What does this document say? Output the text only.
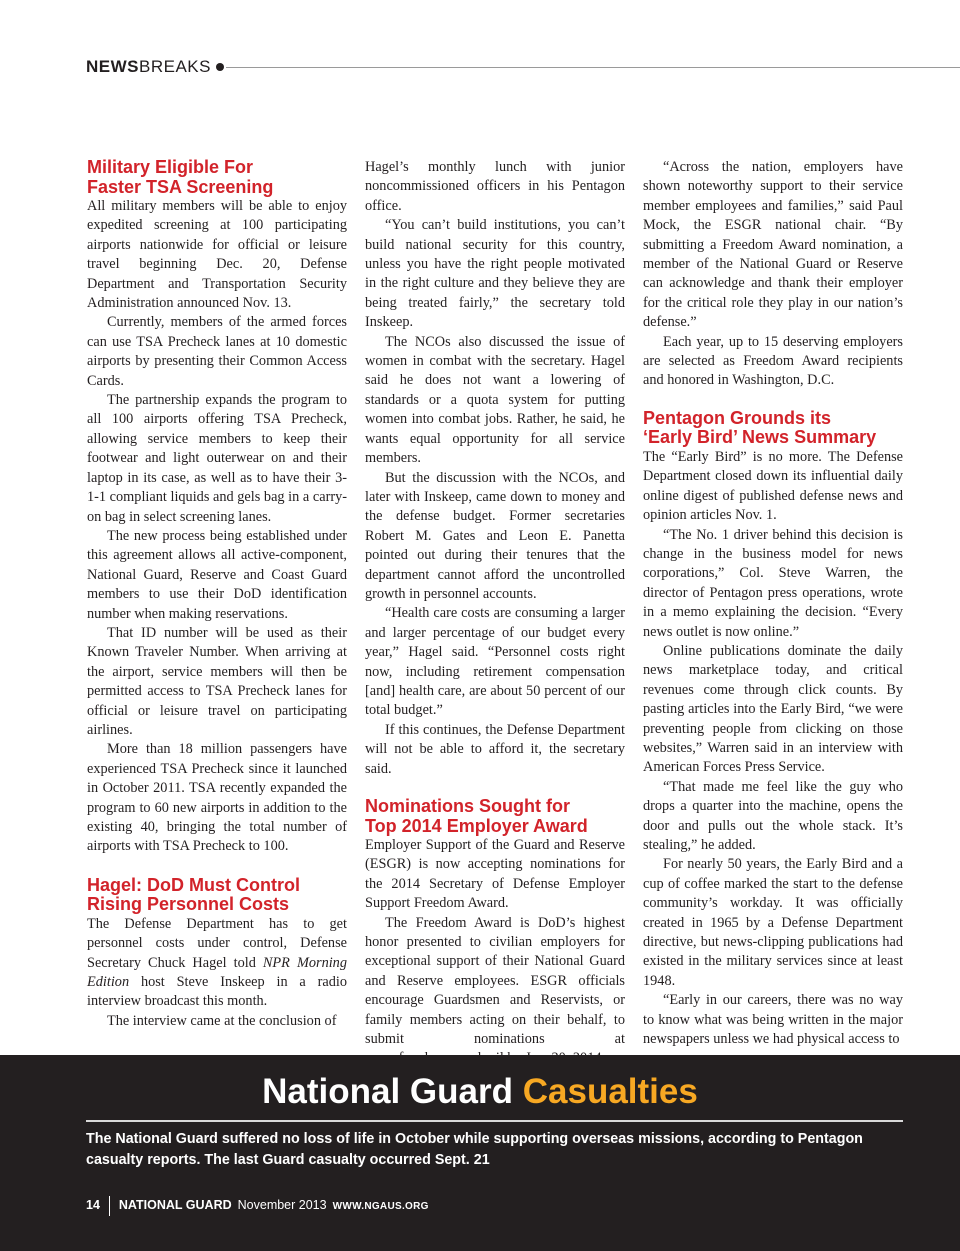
NEWSBREAKS
Military Eligible For
Faster TSA Screening

All military members will be able to enjoy expedited screening at 100 participating airports nationwide for official or leisure travel beginning Dec. 20, Defense Department and Transportation Security Administration announced Nov. 13.

Currently, members of the armed forces can use TSA Precheck lanes at 10 domestic airports by presenting their Common Access Cards.

The partnership expands the program to all 100 airports offering TSA Precheck, allowing service members to keep their footwear and light outerwear on and their laptop in its case, as well as to have their 3-1-1 compliant liquids and gels bag in a carry-on bag in select screening lanes.

The new process being established under this agreement allows all active-component, National Guard, Reserve and Coast Guard members to use their DoD identification number when making reservations.

That ID number will be used as their Known Traveler Number. When arriving at the airport, service members will then be permitted access to TSA Precheck lanes for official or leisure travel on participating airlines.

More than 18 million passengers have experienced TSA Precheck since it launched in October 2011. TSA recently expanded the program to 60 new airports in addition to the existing 40, bringing the total number of airports with TSA Precheck to 100.

Hagel: DoD Must Control
Rising Personnel Costs

The Defense Department has to get personnel costs under control, Defense Secretary Chuck Hagel told NPR Morning Edition host Steve Inskeep in a radio interview broadcast this month.

The interview came at the conclusion of

Hagel’s monthly lunch with junior noncommissioned officers in his Pentagon office.

“You can’t build institutions, you can’t build national security for this country, unless you have the right people motivated in the right culture and they believe they are being treated fairly,” the secretary told Inskeep.

The NCOs also discussed the issue of women in combat with the secretary. Hagel said he does not want a lowering of standards or a quota system for putting women into combat jobs. Rather, he said, he wants equal opportunity for all service members.

But the discussion with the NCOs, and later with Inskeep, came down to money and the defense budget. Former secretaries Robert M. Gates and Leon E. Panetta pointed out during their tenures that the department cannot afford the uncontrolled growth in personnel accounts.

“Health care costs are consuming a larger and larger percentage of our budget every year,” Hagel said. “Personnel costs right now, including retirement compensation [and] health care, are about 50 percent of our total budget.”

If this continues, the Defense Department will not be able to afford it, the secretary said.

Nominations Sought for
Top 2014 Employer Award

Employer Support of the Guard and Reserve (ESGR) is now accepting nominations for the 2014 Secretary of Defense Employer Support Freedom Award.

The Freedom Award is DoD’s highest honor presented to civilian employers for exceptional support of their National Guard and Reserve employees. ESGR officials encourage Guardsmen and Reservists, or family members acting on their behalf, to submit nominations at

“Across the nation, employers have shown noteworthy support to their service member employees and families,” said Paul Mock, the ESGR national chair. “By submitting a Freedom Award nomination, a member of the National Guard or Reserve can acknowledge and thank their employer for the critical role they play in our nation’s defense.”

Each year, up to 15 deserving employers are selected as Freedom Award recipients and honored in Washington, D.C.

Pentagon Grounds its
‘Early Bird’ News Summary

The “Early Bird” is no more. The Defense Department closed down its influential daily online digest of published defense news and opinion articles Nov. 1.

“The No. 1 driver behind this decision is change in the business model for news corporations,” Col. Steve Warren, the director of Pentagon press operations, wrote in a memo explaining the decision. “Every news outlet is now online.”

Online publications dominate the daily news marketplace today, and critical revenues come through click counts. By pasting articles into the Early Bird, “we were preventing people from clicking on those websites,” Warren said in an interview with American Forces Press Service.

“That made me feel like the guy who drops a quarter into the machine, opens the door and pulls out the whole stack. It’s stealing,” he added.

For nearly 50 years, the Early Bird and a cup of coffee marked the start to the defense community’s workday. It was officially created in 1965 by a Defense Department directive, but news-clipping publications had existed in the military services since at least 1948.

“Early in our careers, there was no way to know what was being written in the major newspapers unless we had physical access to

National Guard Casualties
The National Guard suffered no loss of life in October while supporting overseas missions, according to Pentagon casualty reports. The last Guard casualty occurred Sept. 21
14 NATIONAL GUARD November 2013 WWW.NGAUS.ORG
